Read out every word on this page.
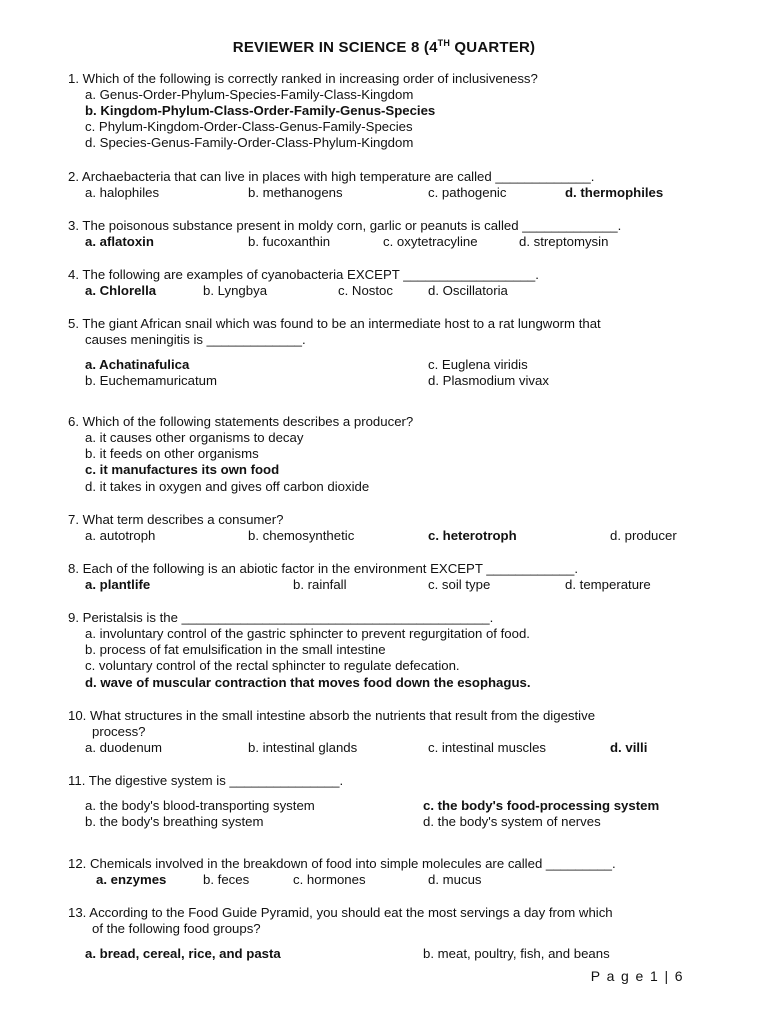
REVIEWER IN SCIENCE 8 (4TH QUARTER)
1. Which of the following is correctly ranked in increasing order of inclusiveness?
a. Genus-Order-Phylum-Species-Family-Class-Kingdom
b. Kingdom-Phylum-Class-Order-Family-Genus-Species
c. Phylum-Kingdom-Order-Class-Genus-Family-Species
d. Species-Genus-Family-Order-Class-Phylum-Kingdom
2. Archaebacteria that can live in places with high temperature are called _____________.
a. halophiles	b. methanogens	c. pathogenic	d. thermophiles
3. The poisonous substance present in moldy corn, garlic or peanuts is called _____________.
a. aflatoxin	b. fucoxanthin	c. oxytetracyline	d. streptomysin
4. The following are examples of cyanobacteria EXCEPT __________________.
a. Chlorella	b. Lyngbya	c. Nostoc	d. Oscillatoria
5. The giant African snail which was found to be an intermediate host to a rat lungworm that
causes meningitis is _____________.
a. Achatinafulica	c. Euglena viridis
b. Euchemamuricatum	d. Plasmodium vivax
6. Which of the following statements describes a producer?
a. it causes other organisms to decay
b. it feeds on other organisms
c. it manufactures its own food
d. it takes in oxygen and gives off carbon dioxide
7. What term describes a consumer?
a. autotroph	b. chemosynthetic	c. heterotroph	d. producer
8. Each of the following is an abiotic factor in the environment EXCEPT ____________.
a. plantlife	b. rainfall	c. soil type	d. temperature
9. Peristalsis is the __________________________________________.
a. involuntary control of the gastric sphincter to prevent regurgitation of food.
b. process of fat emulsification in the small intestine
c. voluntary control of the rectal sphincter to regulate defecation.
d. wave of muscular contraction that moves food down the esophagus.
10. What structures in the small intestine absorb the nutrients that result from the digestive
process?
a. duodenum	b. intestinal glands	c. intestinal muscles	d. villi
11. The digestive system is _______________.
a. the body's blood-transporting system	c. the body's food-processing system
b. the body's breathing system	d. the body's system of nerves
12. Chemicals involved in the breakdown of food into simple molecules are called _________.
a. enzymes	b. feces	c. hormones	d. mucus
13. According to the Food Guide Pyramid, you should eat the most servings a day from which
of the following food groups?
a. bread, cereal, rice, and pasta	b. meat, poultry, fish, and beans
P a g e 1 | 6
